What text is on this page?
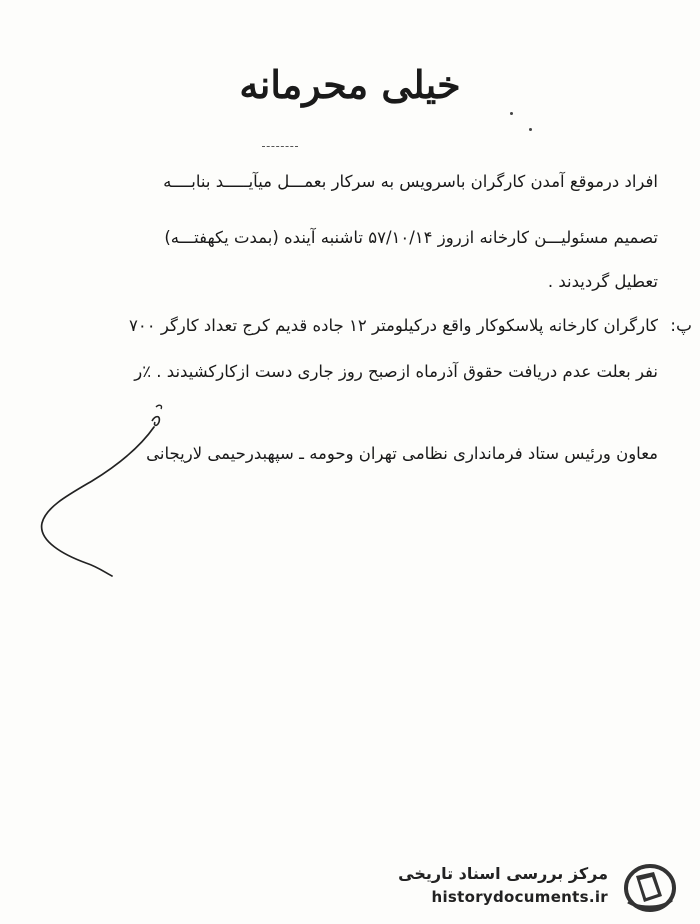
خیلی محرمانه
افراد درموقع آمدن کارگران باسرویس به سرکار بعمـــل میآیـــــد بنابــــه
تصمیم مسئولیـــن کارخانه ازروز ۵۷/۱۰/۱۴ تاشنبه آینده (بمدت یکهفتـــه)
تعطیل گردیدند .
پ:
کارگران کارخانه پلاسکوکار واقع درکیلومتر ۱۲ جاده قدیم کرج تعداد کارگر ۷۰۰
نفر بعلت عدم دریافت حقوق آذرماه ازصبح روز جاری دست ازکارکشیدند . ٪ر
معاون ورئیس ستاد فرمانداری نظامی تهران وحومه ـ سپهبدرحیمی لاریجانی
مرکز بررسی اسناد تاریخی
historydocuments.ir
